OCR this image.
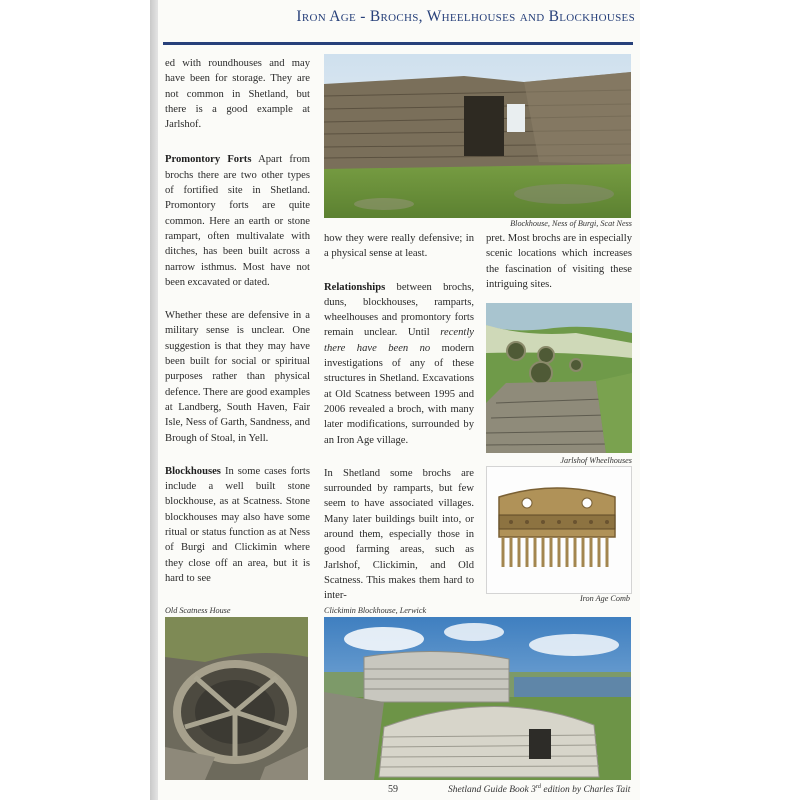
Iron Age - Brochs, Wheelhouses and Blockhouses

ed with roundhouses and may have been for storage. They are not common in Shetland, but there is a good example at Jarlshof.

Promontory Forts Apart from brochs there are two other types of fortified site in Shetland. Promontory forts are quite common. Here an earth or stone rampart, often multivalate with ditches, has been built across a narrow isthmus. Most have not been excavated or dated.

Whether these are defensive in a military sense is unclear. One suggestion is that they may have been built for social or spiritual purposes rather than physical defence. There are good examples at Landberg, South Haven, Fair Isle, Ness of Garth, Sandness, and Brough of Stoal, in Yell.

Blockhouses In some cases forts include a well built stone blockhouse, as at Scatness. Stone blockhouses may also have some ritual or status function as at Ness of Burgi and Clickimin where they close off an area, but it is hard to see

how they were really defensive; in a physical sense at least.

Relationships between brochs, duns, blockhouses, ramparts, wheelhouses and promontory forts remain unclear. Until recently there have been no modern investigations of any of these structures in Shetland. Excavations at Old Scatness between 1995 and 2006 revealed a broch, with many later modifications, surrounded by an Iron Age village.

In Shetland some brochs are surrounded by ramparts, but few seem to have associated villages. Many later buildings built into, or around them, especially those in good farming areas, such as Jarlshof, Clickimin, and Old Scatness. This makes them hard to inter-

pret. Most brochs are in especially scenic locations which increases the fascination of visiting these intriguing sites.

Blockhouse, Ness of Burgi, Scat Ness
Jarlshof Wheelhouses
Iron Age Comb
Old Scatness House	Clickimin Blockhouse, Lerwick
59	Shetland Guide Book 3rd edition by Charles Tait
